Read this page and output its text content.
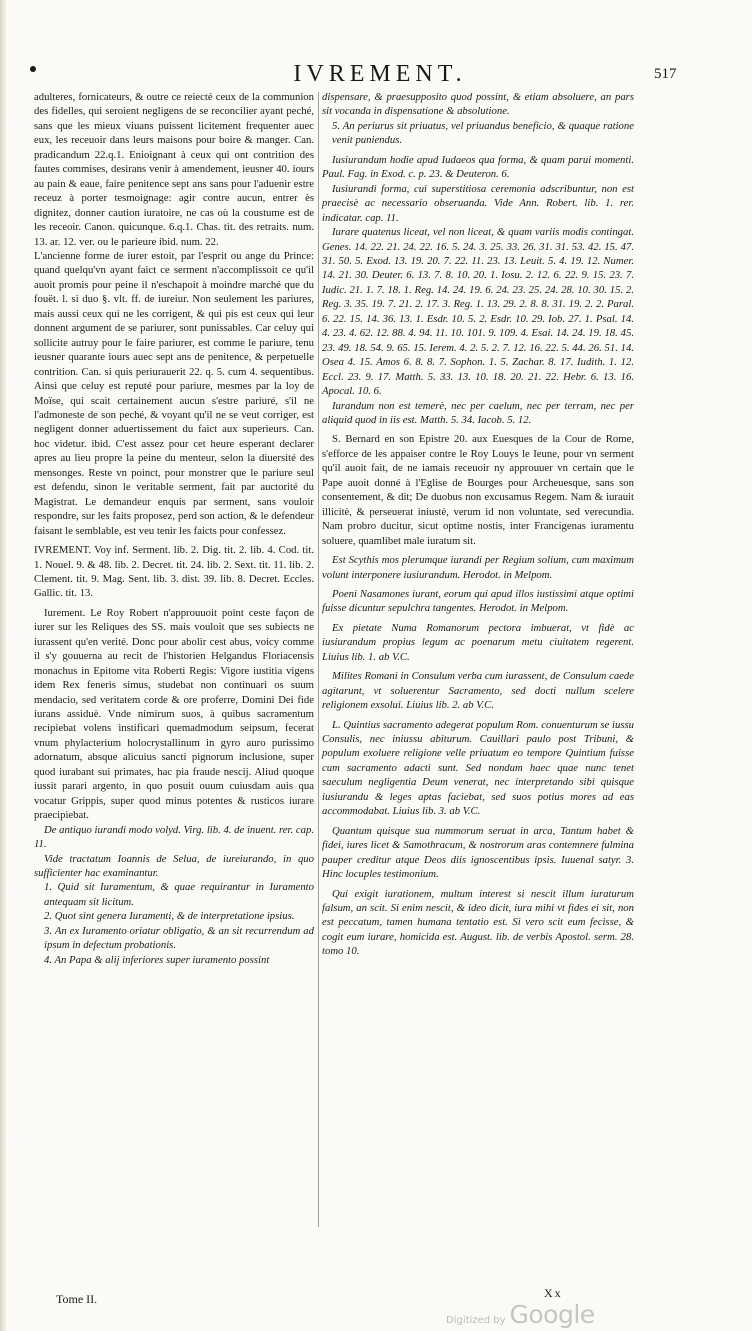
IVREMENT.	517

adulteres, fornicateurs, & outre ce reiecté ceux de la communion des fidelles, qui seroient negligens de se reconcilier ayant peché, sans que les mieux viuans puissent licitement frequenter auec eux, les receuoir dans leurs maisons pour boire & manger. Can. pradicandum 22.q.1. Enioignant à ceux qui ont contrition des fautes commises, desirans venir à amendement, ieusner 40. iours au pain & eaue, faire penitence sept ans sans pour l'aduenir estre receuz à porter tesmoignage: agir contre aucun, entrer ès dignitez, donner caution iuratoire, ne cas où la coustume est de les receoir. Canon. quicunque. 6.q.1. Chas. tit. des retraits. num. 13. ar. 12. ver. ou le parieure ibid. num. 22.

L'ancienne forme de iurer estoit, par l'esprit ou ange du Prince: quand quelqu'vn ayant faict ce serment n'accomplissoit ce qu'il auoit promis pour peine il n'eschapoit à moindre marché que du fouët. l. si duo §. vlt. ff. de iureiur. Non seulement les pariures, mais aussi ceux qui ne les corrigent, & qui pis est ceux qui leur donnent argument de se pariurer, sont punissables. Car celuy qui sollicite autruy pour le faire pariurer, est comme le pariure, tenu ieusner quarante iours auec sept ans de penitence, & perpetuelle contrition. Can. si quis periurauerit 22. q. 5. cum 4. sequentibus. Ainsi que celuy est reputé pour pariure, mesmes par la loy de Moïse, qui scait certainement aucun s'estre pariuré, s'il ne l'admoneste de son peché, & voyant qu'il ne se veut corriger, est negligent donner aduertissement du faict aux superieurs. Can. hoc videtur. ibid. C'est assez pour cet heure esperant declarer apres au lieu propre la peine du menteur, selon la diuersité des mensonges. Reste vn poinct, pour monstrer que le pariure seul est defendu, sinon le veritable serment, fait par auctorité du Magistrat. Le demandeur enquis par serment, sans vouloir respondre, sur les faits proposez, perd son action, & le defendeur faisant le semblable, est veu tenir les faicts pour confessez.

IVREMENT. Voy inf. Serment. lib. 2. Dig. tit. 2. lib. 4. Cod. tit. 1. Nouel. 9. & 48. lib. 2. Decret. tit. 24. lib. 2. Sext. tit. 11. lib. 2. Clement. tit. 9. Mag. Sent. lib. 3. dist. 39. lib. 8. Decret. Eccles. Gallic. tit. 13.

Iurement. Le Roy Robert n'approuuoit point ceste façon de iurer sur les Reliques des SS. mais vouloit que ses subiects ne iurassent qu'en verité. Donc pour abolir cest abus, voicy comme il s'y gouuerna au recit de l'historien Helgandus Floriacensis monachus in Epitome vita Roberti Regis: Vigore iustitia vigens idem Rex feneris simus, studebat non continuari os suum mendacio, sed veritatem corde & ore proferre, Domini Dei fide iurans assiduè. Vnde nimirum suos, à quibus sacramentum recipiebat volens instificari quemadmodum seipsum, fecerat vnum phylacterium holocrystallinum in gyro auro purissimo adornatum, absque alicuius sancti pignorum inclusione, super quod iurabant sui primates, hac pia fraude nescij. Aliud quoque iussit parari argento, in quo posuit ouum cuiusdam auis qua vocatur Grippis, super quod minus potentes & rusticos iurare praecipiebat.

De antiquo iurandi modo volyd. Virg. lib. 4. de inuent. rer. cap. 11.

Vide tractatum Ioannis de Selua, de iureiurando, in quo sufficienter hac examinantur.

1. Quid sit Iuramentum, & quae requirantur in Iuramento antequam sit licitum.

2. Quot sint genera Iuramenti, & de interpretatione ipsius.

3. An ex Iuramento oriatur obligatio, & an sit recurrendum ad ipsum in defectum probationis.

4. An Papa & alij inferiores super iuramento possint

dispensare, & praesupposito quod possint, & etiam absoluere, an pars sit vocanda in dispensatione & absolutione.

5. An periurus sit priuatus, vel priuandus beneficio, & quaque ratione venit puniendus.

Iusiurandum hodie apud Iudaeos qua forma, & quam parui momenti. Paul. Fag. in Exod. c. p. 23. & Deuteron. 6.

Iusiurandi forma, cui superstitiosa ceremonia adscribuntur, non est praecisè ac necessario obseruanda. Vide Ann. Robert. lib. 1. rer. indicatar. cap. 11.

Iurare quatenus liceat, vel non liceat, & quam variis modis contingat. Genes. 14. 22. 21. 24. 22. 16. 5. 24. 3. 25. 33. 26. 31. 31. 53. 42. 15. 47. 31. 50. 5. Exod. 13. 19. 20. 7. 22. 11. 23. 13. Leuit. 5. 4. 19. 12. Numer. 14. 21. 30. Deuter. 6. 13. 7. 8. 10. 20. 1. Iosu. 2. 12. 6. 22. 9. 15. 23. 7. Iudic. 21. 1. 7. 18. 1. Reg. 14. 24. 19. 6. 24. 23. 25. 24. 28. 10. 30. 15. 2. Reg. 3. 35. 19. 7. 21. 2. 17. 3. Reg. 1. 13. 29. 2. 8. 8. 31. 19. 2. 2. Paral. 6. 22. 15. 14. 36. 13. 1. Esdr. 10. 5. 2. Esdr. 10. 29. Iob. 27. 1. Psal. 14. 4. 23. 4. 62. 12. 88. 4. 94. 11. 10. 101. 9. 109. 4. Esai. 14. 24. 19. 18. 45. 23. 49. 18. 54. 9. 65. 15. Ierem. 4. 2. 5. 2. 7. 12. 16. 22. 5. 44. 26. 51. 14. Osea 4. 15. Amos 6. 8. 8. 7. Sophon. 1. 5. Zachar. 8. 17. Iudith. 1. 12. Eccl. 23. 9. 17. Matth. 5. 33. 13. 10. 18. 20. 21. 22. Hebr. 6. 13. 16. Apocal. 10. 6.

Iurandum non est temerè, nec per caelum, nec per terram, nec per aliquid quod in iis est. Matth. 5. 34. Iacob. 5. 12.

S. Bernard en son Epistre 20. aux Euesques de la Cour de Rome, s'efforce de les appaiser contre le Roy Louys le Ieune, pour vn serment qu'il auoit fait, de ne iamais receuoir ny approuuer vn certain que le Pape auoit donné à l'Eglise de Bourges pour Archeuesque, sans son consentement, & dit; De duobus non excusamus Regem. Nam & iurauit illicitè, & perseuerat iniustè, verum id non voluntate, sed verecundia. Nam probro ducitur, sicut optime nostis, inter Francigenas iuramentu soluere, quamlibet male iuratum sit.

Est Scythis mos plerumque iurandi per Regium solium, cum maximum volunt interponere iusiurandum. Herodot. in Melpom.

Poeni Nasamones iurant, eorum qui apud illos iustissimi atque optimi fuisse dicuntur sepulchra tangentes. Herodot. in Melpom.

Ex pietate Numa Romanorum pectora imbuerat, vt fidè ac iusiurandum propius legum ac poenarum metu ciuitatem regerent. Liuius lib. 1. ab V.C.

Milites Romani in Consulum verba cum iurassent, de Consulum caede agitarunt, vt soluerentur Sacramento, sed docti nullum scelere religionem exsolui. Liuius lib. 2. ab V.C.

L. Quintius sacramento adegerat populum Rom. conuenturum se iussu Consulis, nec iniussu abiturum. Cauillari paulo post Tribuni, & populum exoluere religione velle priuatum eo tempore Quintium fuisse cum sacramento adacti sunt. Sed nondum haec quae nunc tenet saeculum negligentia Deum venerat, nec interpretando sibi quisque iusiurandu & leges aptas faciebat, sed suos potius mores ad eas accommodabat. Liuius lib. 3. ab V.C.

Quantum quisque sua nummorum seruat in arca, Tantum habet & fidei, iures licet & Samothracum, & nostrorum aras contemnere fulmina pauper creditur atque Deos diis ignoscentibus ipsis. Iuuenal satyr. 3. Hinc locuples testimonium.

Qui exigit iurationem, multum interest si nescit illum iuraturum falsum, an scit. Si enim nescit, & ideo dicit, iura mihi vt fides ei sit, non est peccatum, tamen humana tentatio est. Si vero scit eum fecisse, & cogit eum iurare, homicida est. August. lib. de verbis Apostol. serm. 28. tomo 10.

Tome II.	Xx
Digitized by Google
